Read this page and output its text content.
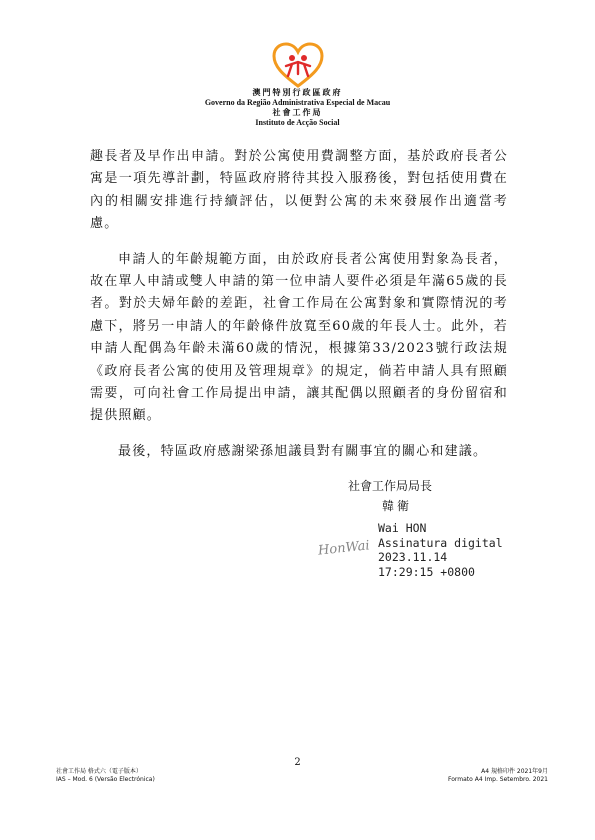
澳門特別行政區政府
Governo da Região Administrativa Especial de Macau
社會工作局
Instituto de Acção Social

趣長者及早作出申請。對於公寓使用費調整方面，基於政府長者公寓是一項先導計劃，特區政府將待其投入服務後，對包括使用費在內的相關安排進行持續評估，以便對公寓的未來發展作出適當考慮。

申請人的年齡規範方面，由於政府長者公寓使用對象為長者，故在單人申請或雙人申請的第一位申請人要件必須是年滿65歲的長者。對於夫婦年齡的差距，社會工作局在公寓對象和實際情況的考慮下，將另一申請人的年齡條件放寬至60歲的年長人士。此外，若申請人配偶為年齡未滿60歲的情況，根據第33/2023號行政法規《政府長者公寓的使用及管理規章》的規定，倘若申請人具有照顧需要，可向社會工作局提出申請，讓其配偶以照顧者的身份留宿和提供照顧。

最後，特區政府感謝梁孫旭議員對有關事宜的關心和建議。

社會工作局局長
韓衛
HonWai
Wai HON
Assinatura digital
2023.11.14
17:29:15 +0800
2
社會工作局 格式六（電子版本）
IAS – Mod. 6 (Versão Electrónica)
A4 規格印件 2021年9月
Formato A4 Imp. Setembro. 2021
